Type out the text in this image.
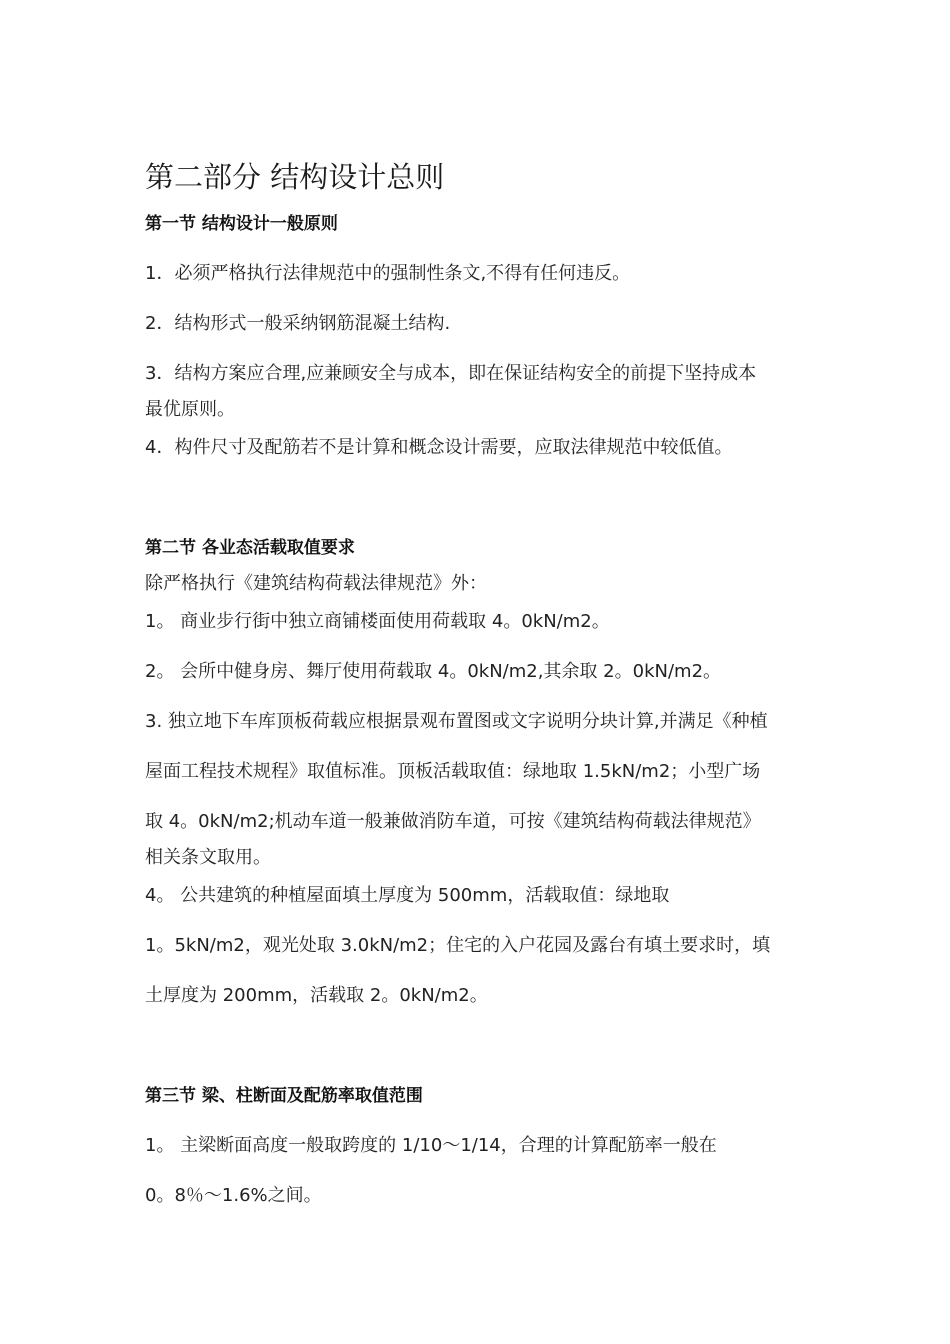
第二部分 结构设计总则
第一节 结构设计一般原则
1．必须严格执行法律规范中的强制性条文,不得有任何违反。
2．结构形式一般采纳钢筋混凝土结构.
3．结构方案应合理,应兼顾安全与成本，即在保证结构安全的前提下坚持成本
最优原则。
4．构件尺寸及配筋若不是计算和概念设计需要，应取法律规范中较低值。
第二节 各业态活载取值要求
除严格执行《建筑结构荷载法律规范》外：
1。 商业步行街中独立商铺楼面使用荷载取 4。0kN/m2。
2。 会所中健身房、舞厅使用荷载取 4。0kN/m2,其余取 2。0kN/m2。
3. 独立地下车库顶板荷载应根据景观布置图或文字说明分块计算,并满足《种植
屋面工程技术规程》取值标准。顶板活载取值：绿地取 1.5kN/m2；小型广场
取 4。0kN/m2;机动车道一般兼做消防车道，可按《建筑结构荷载法律规范》
相关条文取用。
4。 公共建筑的种植屋面填土厚度为 500mm，活载取值：绿地取
1。5kN/m2，观光处取 3.0kN/m2；住宅的入户花园及露台有填土要求时，填
土厚度为 200mm，活载取 2。0kN/m2。
第三节 梁、柱断面及配筋率取值范围
1。 主梁断面高度一般取跨度的 1/10～1/14，合理的计算配筋率一般在
0。8％～1.6%之间。
